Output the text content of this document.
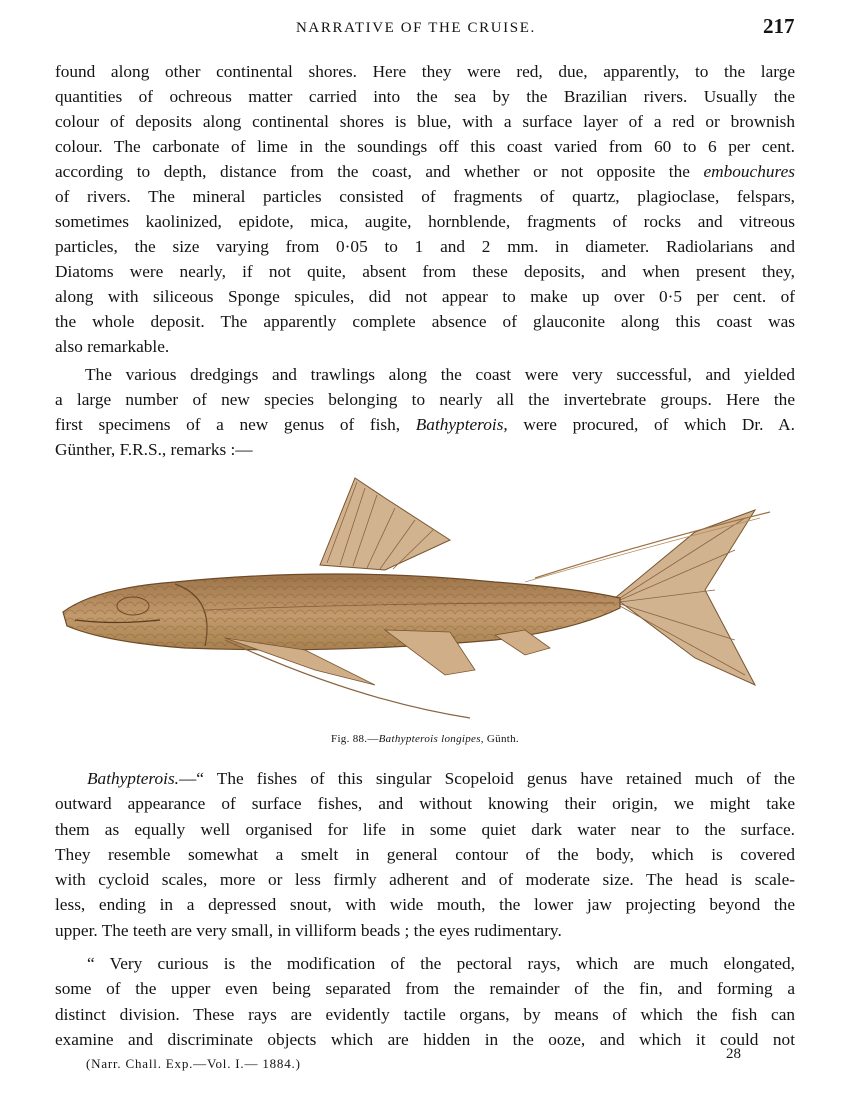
NARRATIVE OF THE CRUISE.	217
found along other continental shores. Here they were red, due, apparently, to the large
quantities of ochreous matter carried into the sea by the Brazilian rivers. Usually the
colour of deposits along continental shores is blue, with a surface layer of a red or brownish
colour. The carbonate of lime in the soundings off this coast varied from 60 to 6 per cent.
according to depth, distance from the coast, and whether or not opposite the embouchures
of rivers. The mineral particles consisted of fragments of quartz, plagioclase, felspars,
sometimes kaolinized, epidote, mica, augite, hornblende, fragments of rocks and vitreous
particles, the size varying from 0·05 to 1 and 2 mm. in diameter. Radiolarians and
Diatoms were nearly, if not quite, absent from these deposits, and when present they,
along with siliceous Sponge spicules, did not appear to make up over 0·5 per cent. of
the whole deposit. The apparently complete absence of glauconite along this coast was
also remarkable.
The various dredgings and trawlings along the coast were very successful, and yielded
a large number of new species belonging to nearly all the invertebrate groups. Here the
first specimens of a new genus of fish, Bathypterois, were procured, of which Dr. A.
Günther, F.R.S., remarks :—
Fig. 88.—Bathypterois longipes, Günth.
Bathypterois.—“ The fishes of this singular Scopeloid genus have retained much of the
outward appearance of surface fishes, and without knowing their origin, we might take
them as equally well organised for life in some quiet dark water near to the surface.
They resemble somewhat a smelt in general contour of the body, which is covered
with cycloid scales, more or less firmly adherent and of moderate size. The head is scale-
less, ending in a depressed snout, with wide mouth, the lower jaw projecting beyond the
upper. The teeth are very small, in villiform beads ; the eyes rudimentary.
“ Very curious is the modification of the pectoral rays, which are much elongated,
some of the upper even being separated from the remainder of the fin, and forming a
distinct division. These rays are evidently tactile organs, by means of which the fish can
examine and discriminate objects which are hidden in the ooze, and which it could not
(Narr. Chall. Exp.—Vol. I.— 1884.)
28
